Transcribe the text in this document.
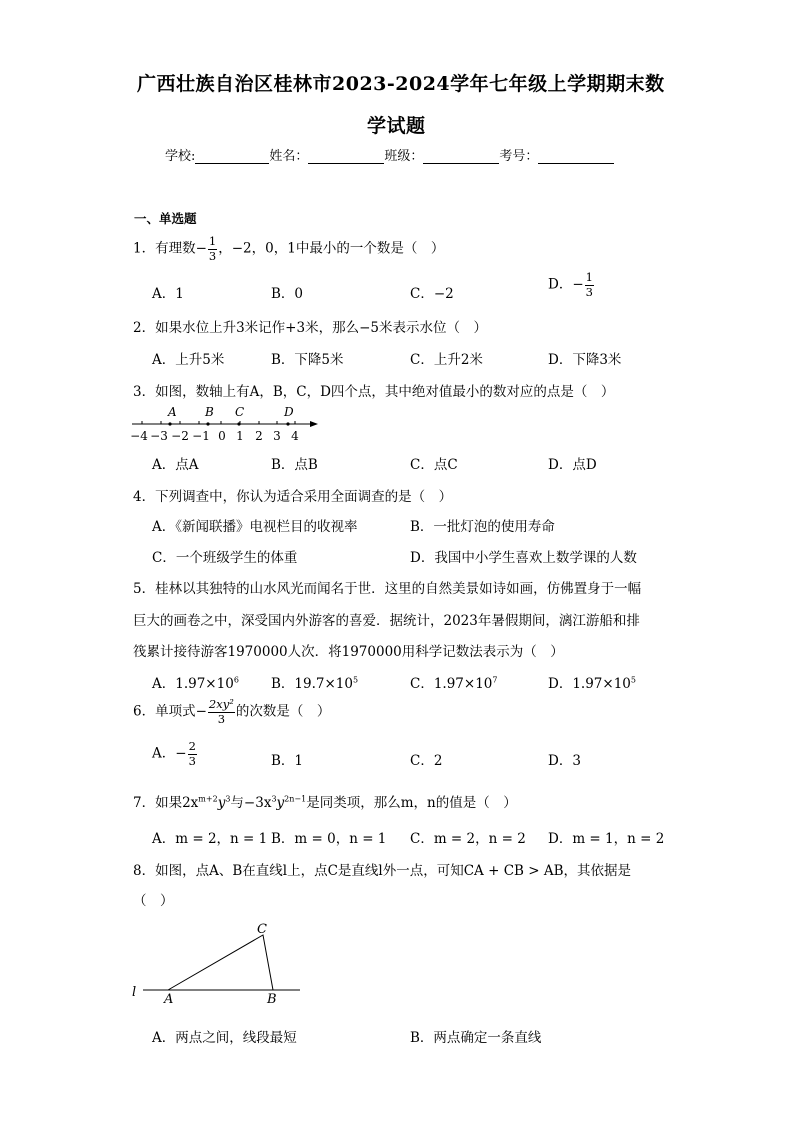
广西壮族自治区桂林市2023-2024学年七年级上学期期末数
学试题
学校:	姓名：	班级：	考号：
一、单选题
1．有理数− $\frac{1}{3}$ ，−2，0，1中最小的一个数是（　）
A．1	B．0	C．−2
D．− $\frac{1}{3}$
2．如果水位上升3米记作+3米，那么−5米表示水位（　）
A．上升5米	B．下降5米	C．上升2米	D．下降3米
3．如图，数轴上有A，B，C，D四个点，其中绝对值最小的数对应的点是（　）
A B C	D
−4 −3 −2 −1 0 1 2 3 4
A．点A	B．点B	C．点C	D．点D
4．下列调查中，你认为适合采用全面调查的是（　）
A．《新闻联播》电视栏目的收视率	B．一批灯泡的使用寿命
C．一个班级学生的体重	D．我国中小学生喜欢上数学课的人数
5．桂林以其独特的山水风光而闻名于世．这里的自然美景如诗如画，仿佛置身于一幅
巨大的画卷之中，深受国内外游客的喜爱．据统计，2023年暑假期间，漓江游船和排
筏累计接待游客1970000人次．将1970000用科学记数法表示为（　）
A．$1.97\times 10^6$ B．$19.7\times 10^5$	C．$1.97\times 10^7$	D．$1.97\times 10^5$
6．单项式− $\frac{\text{2xy²}}{3}$ 的次数是（　）
A．− $\frac{2}{3}$	B．1	C．2	D．3
7．如果$2x^{m+2}y^3$与$-3x^3y^{2n-1}$是同类项，那么m，n的值是（　）
A．m = 2，n = 1 B．m = 0，n = 1 C．m = 2，n = 2 D．m = 1，n = 2
8．如图，点A、B在直线l上，点C是直线l外一点，可知CA + CB > AB，其依据是
（　）
l A	B
C
A．两点之间，线段最短	B．两点确定一条直线
